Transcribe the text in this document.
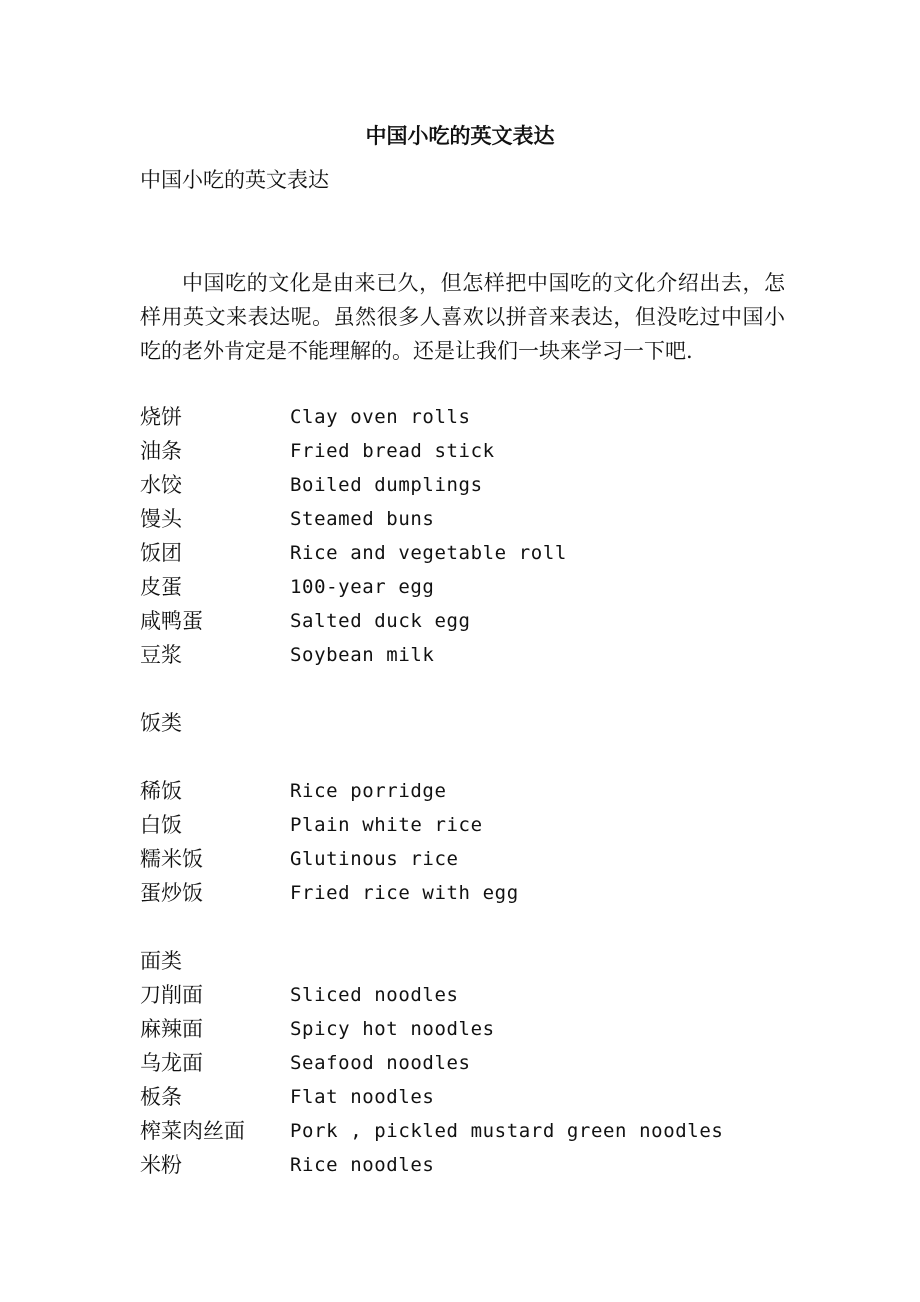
中国小吃的英文表达
中国小吃的英文表达

中国吃的文化是由来已久，但怎样把中国吃的文化介绍出去，怎样用英文来表达呢。虽然很多人喜欢以拼音来表达，但没吃过中国小吃的老外肯定是不能理解的。还是让我们一块来学习一下吧.

烧饼	Clay oven rolls
油条	Fried bread stick
水饺	Boiled dumplings
馒头	Steamed buns
饭团	Rice and vegetable roll
皮蛋	100-year egg
咸鸭蛋	Salted duck egg
豆浆	Soybean milk
饭类
稀饭	Rice porridge
白饭	Plain white rice
糯米饭	Glutinous rice
蛋炒饭	Fried rice with egg
面类
刀削面	Sliced noodles
麻辣面	Spicy hot noodles
乌龙面	Seafood noodles
板条	Flat noodles
榨菜肉丝面	Pork , pickled mustard green noodles
米粉	Rice noodles
